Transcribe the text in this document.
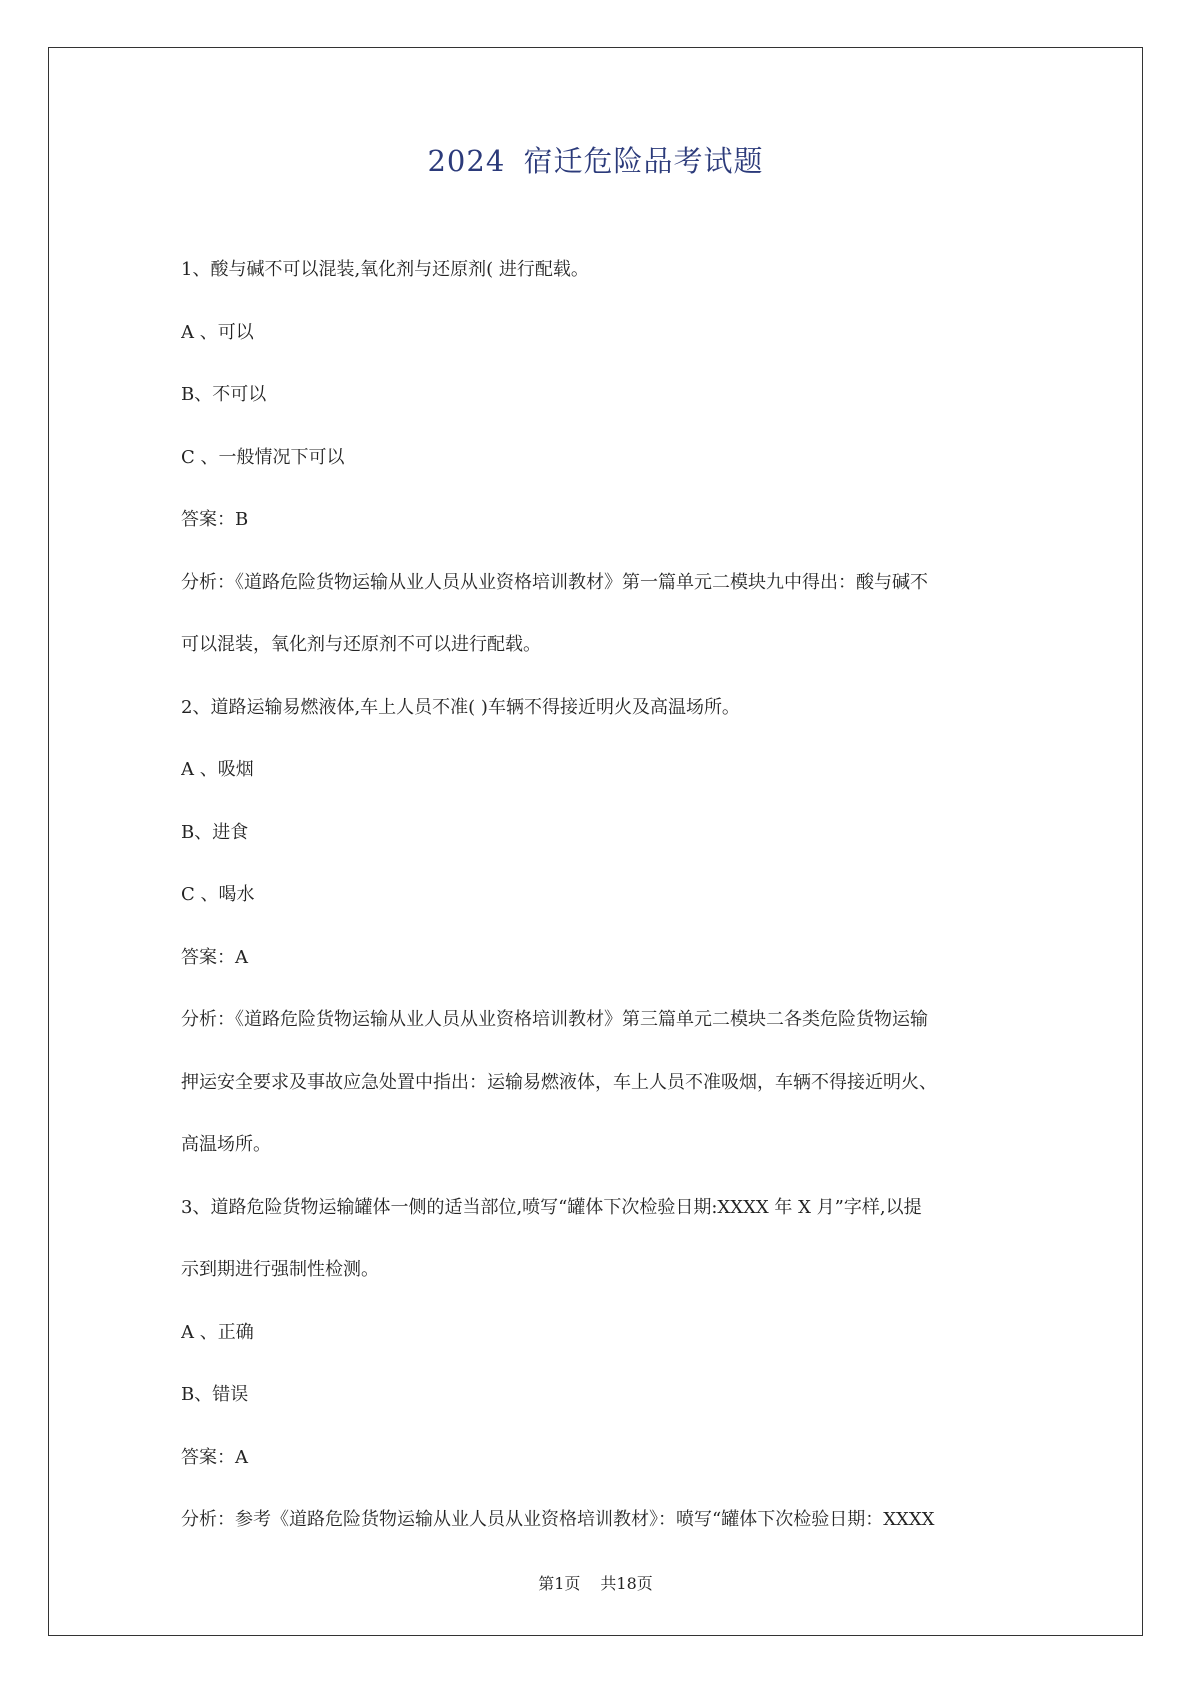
2024 宿迁危险品考试题
1、酸与碱不可以混装,氧化剂与还原剂( 进行配载。
A 、可以
B、不可以
C 、一般情况下可以
答案：B
分析：《道路危险货物运输从业人员从业资格培训教材》第一篇单元二模块九中得出：酸与碱不
可以混装，氧化剂与还原剂不可以进行配载。
2、道路运输易燃液体,车上人员不准( )车辆不得接近明火及高温场所。
A 、吸烟
B、进食
C 、喝水
答案：A
分析：《道路危险货物运输从业人员从业资格培训教材》第三篇单元二模块二各类危险货物运输
押运安全要求及事故应急处置中指出：运输易燃液体，车上人员不准吸烟，车辆不得接近明火、
高温场所。
3、道路危险货物运输罐体一侧的适当部位,喷写“罐体下次检验日期:XXXX 年 X 月”字样,以提
示到期进行强制性检测。
A 、正确
B、错误
答案：A
分析：参考《道路危险货物运输从业人员从业资格培训教材》：喷写“罐体下次检验日期：XXXX
第1页 共18页
